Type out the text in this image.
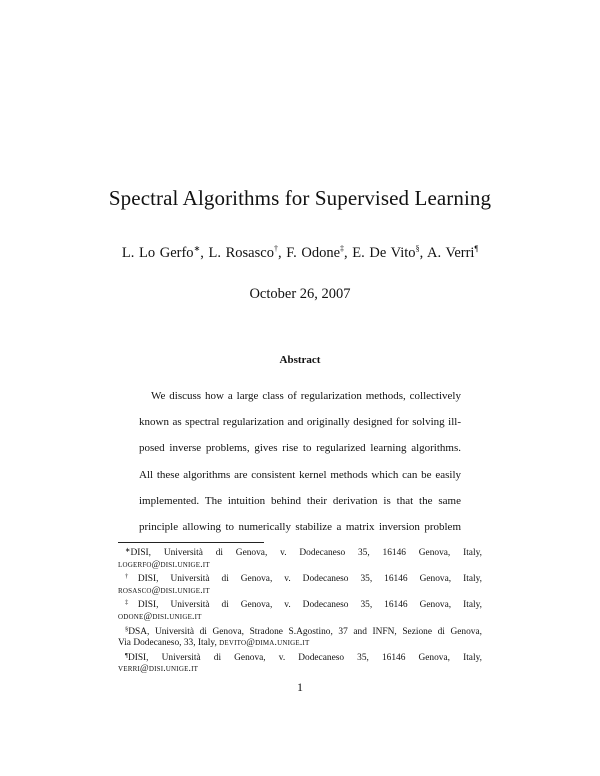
Spectral Algorithms for Supervised Learning
L. Lo Gerfo∗, L. Rosasco†, F. Odone‡, E. De Vito§, A. Verri¶
October 26, 2007
Abstract
We discuss how a large class of regularization methods, collectively
known as spectral regularization and originally designed for solving ill-
posed inverse problems, gives rise to regularized learning algorithms.
All these algorithms are consistent kernel methods which can be easily
implemented. The intuition behind their derivation is that the same
principle allowing to numerically stabilize a matrix inversion problem
∗DISI, Università di Genova, v. Dodecaneso 35, 16146 Genova, Italy,
logerfo@disi.unige.it
†DISI, Università di Genova, v. Dodecaneso 35, 16146 Genova, Italy,
rosasco@disi.unige.it
‡DISI, Università di Genova, v. Dodecaneso 35, 16146 Genova, Italy,
odone@disi.unige.it
§DSA, Università di Genova, Stradone S.Agostino, 37 and INFN, Sezione di Genova,
Via Dodecaneso, 33, Italy, devito@dima.unige.it
¶DISI, Università di Genova, v. Dodecaneso 35, 16146 Genova, Italy,
verri@disi.unige.it
1
